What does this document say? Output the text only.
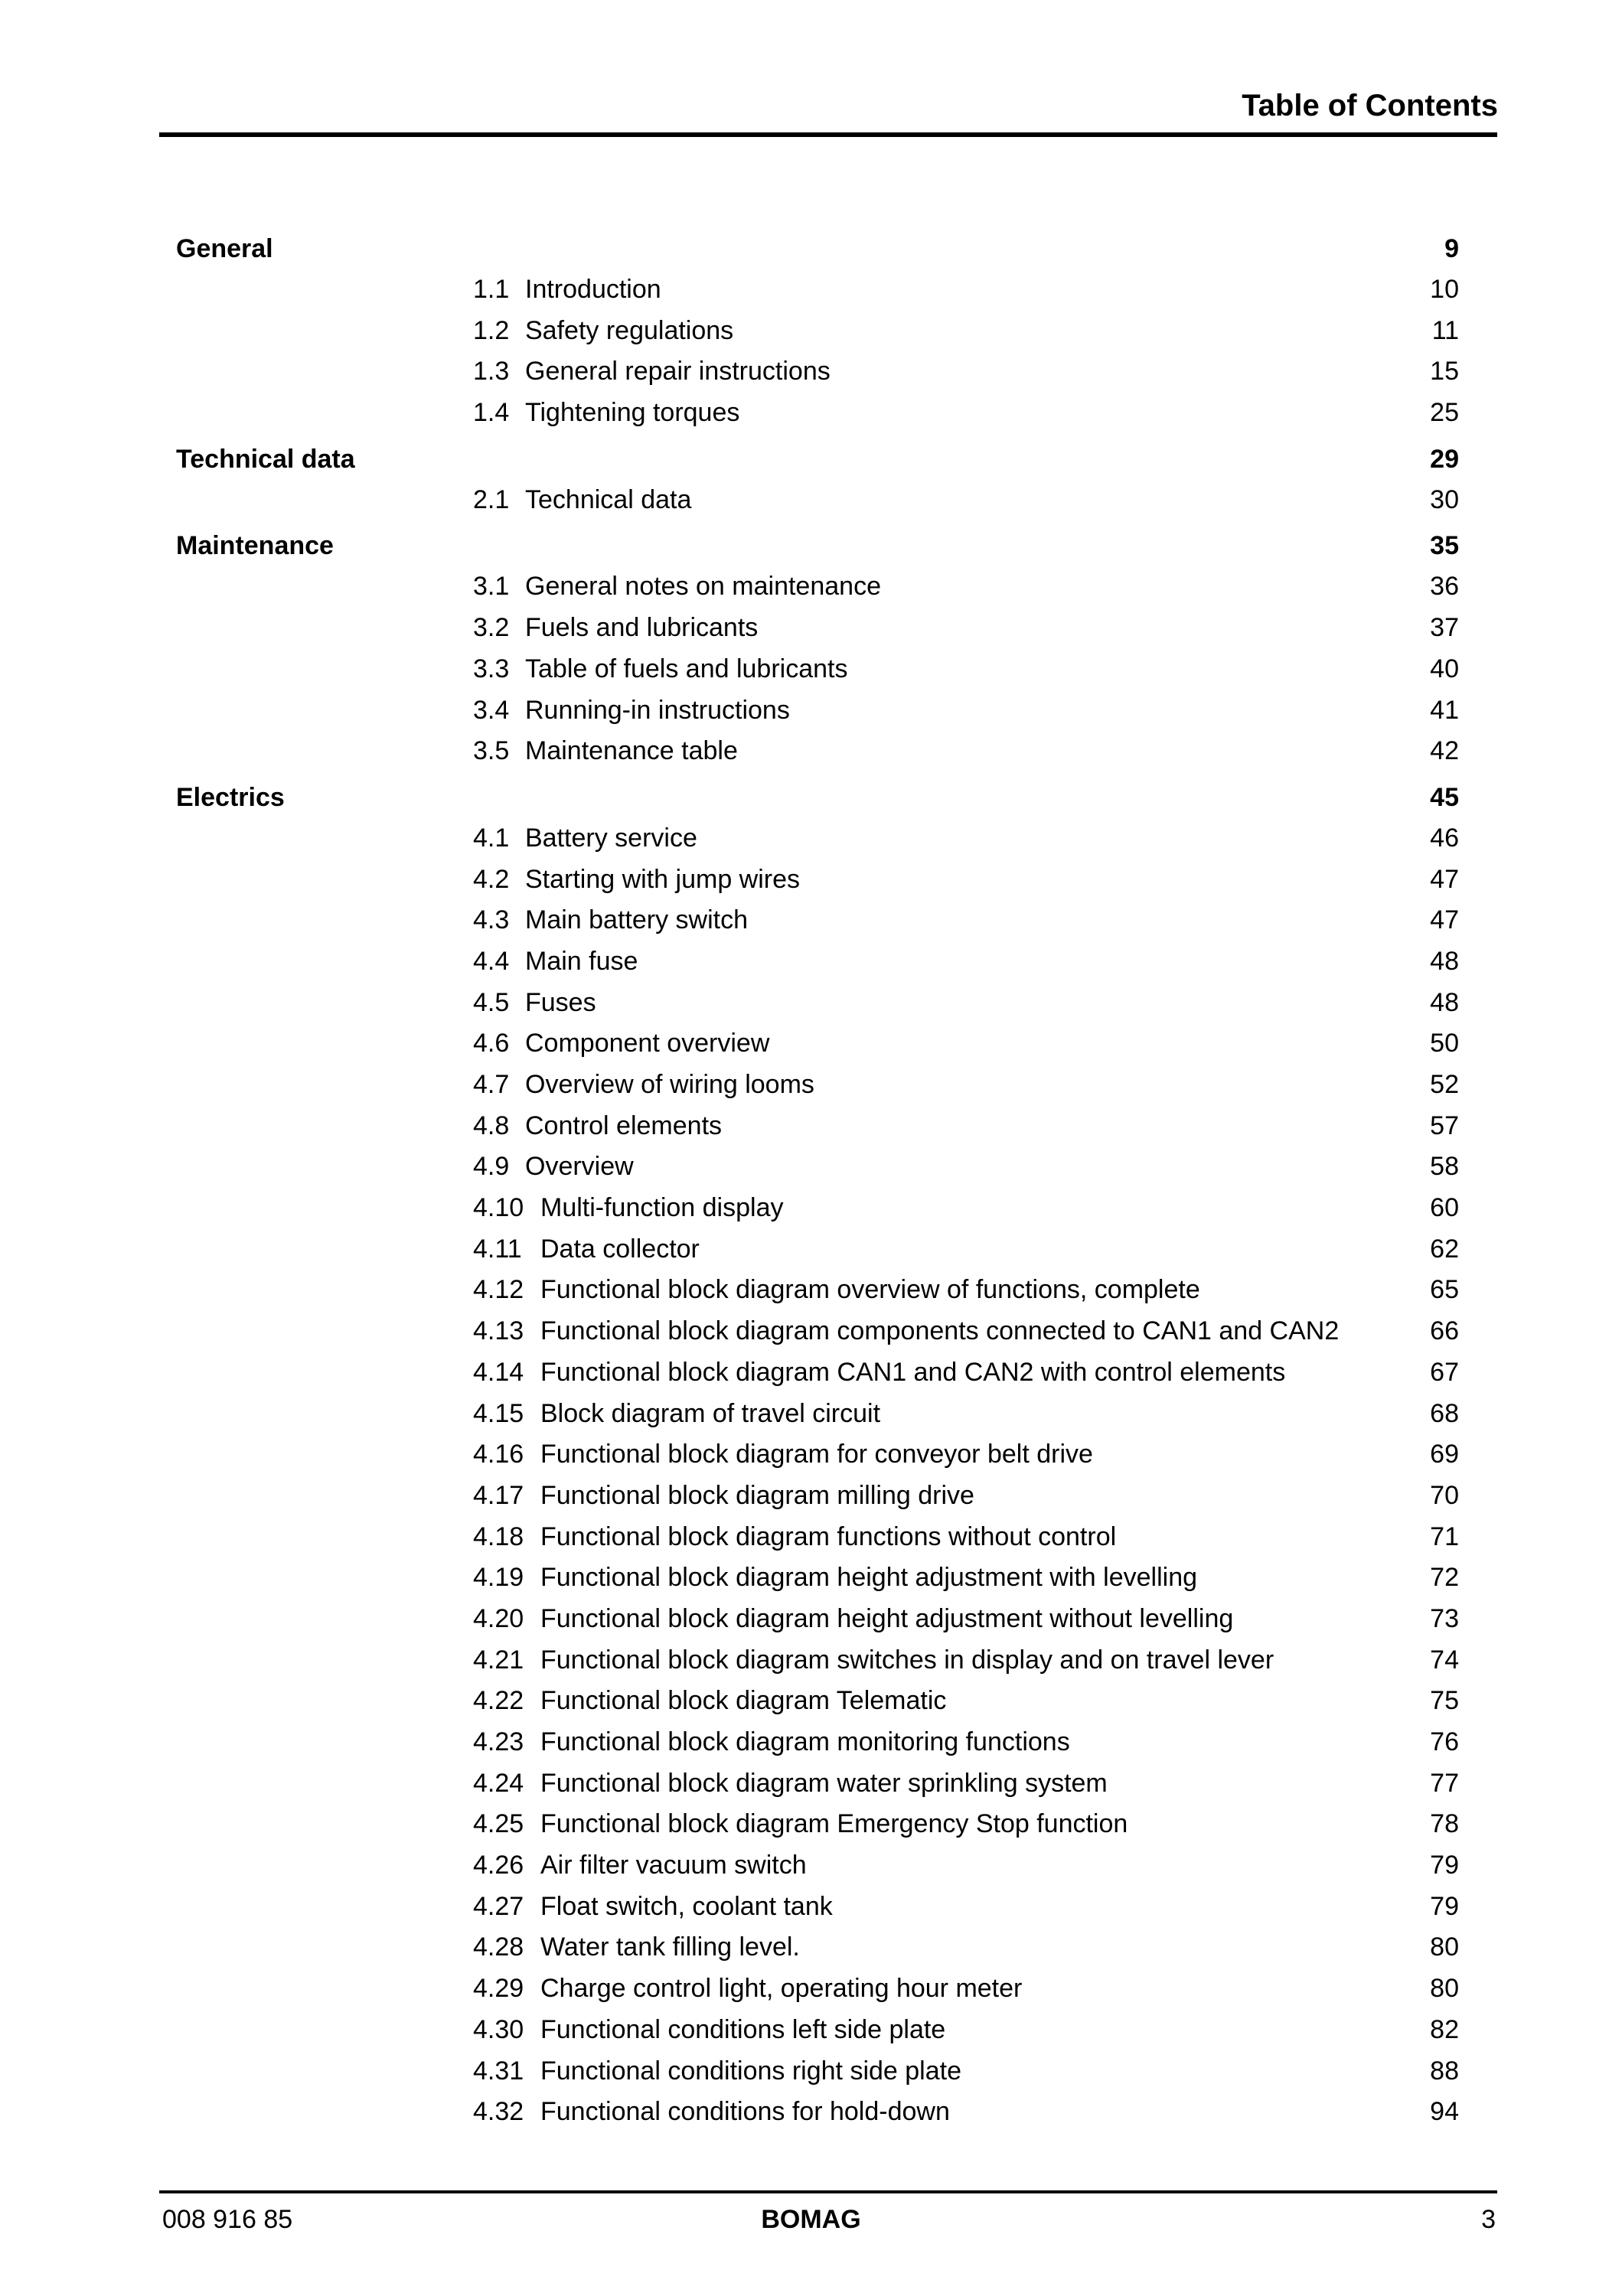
Table of Contents
General	9
1.1 Introduction	10
1.2 Safety regulations	11
1.3 General repair instructions	15
1.4 Tightening torques	25
Technical data	29
2.1 Technical data	30
Maintenance	35
3.1 General notes on maintenance	36
3.2 Fuels and lubricants	37
3.3 Table of fuels and lubricants	40
3.4 Running-in instructions	41
3.5 Maintenance table	42
Electrics	45
4.1 Battery service	46
4.2 Starting with jump wires	47
4.3 Main battery switch	47
4.4 Main fuse	48
4.5 Fuses	48
4.6 Component overview	50
4.7 Overview of wiring looms	52
4.8 Control elements	57
4.9 Overview	58
4.10 Multi-function display	60
4.11 Data collector	62
4.12 Functional block diagram overview of functions, complete	65
4.13 Functional block diagram components connected to CAN1 and CAN2	66
4.14 Functional block diagram CAN1 and CAN2 with control elements	67
4.15 Block diagram of travel circuit	68
4.16 Functional block diagram for conveyor belt drive	69
4.17 Functional block diagram milling drive	70
4.18 Functional block diagram functions without control	71
4.19 Functional block diagram height adjustment with levelling	72
4.20 Functional block diagram height adjustment without levelling	73
4.21 Functional block diagram switches in display and on travel lever	74
4.22 Functional block diagram Telematic	75
4.23 Functional block diagram monitoring functions	76
4.24 Functional block diagram water sprinkling system	77
4.25 Functional block diagram Emergency Stop function	78
4.26 Air filter vacuum switch	79
4.27 Float switch, coolant tank	79
4.28 Water tank filling level.	80
4.29 Charge control light, operating hour meter	80
4.30 Functional conditions left side plate	82
4.31 Functional conditions right side plate	88
4.32 Functional conditions for hold-down	94
008 916 85	BOMAG	3
